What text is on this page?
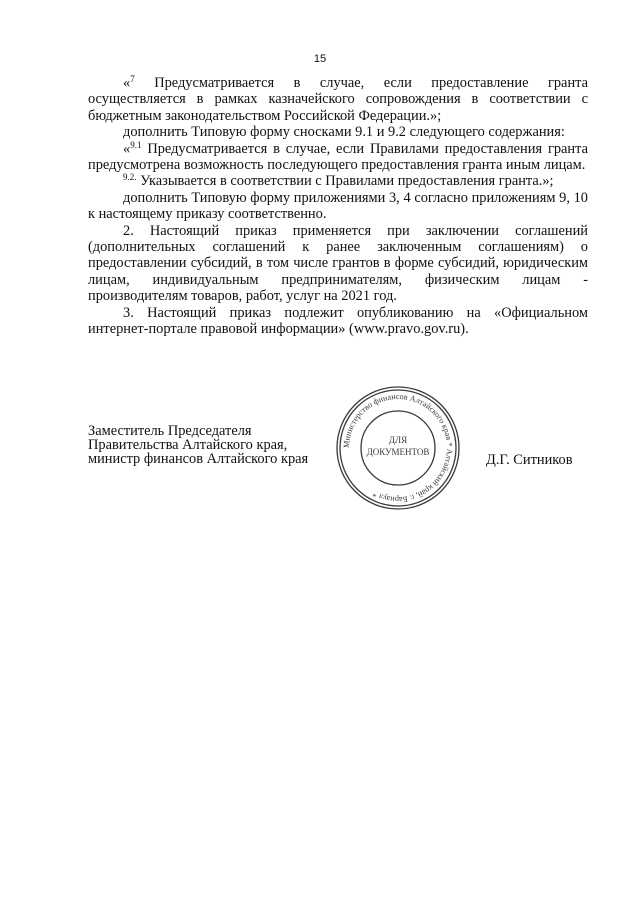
15

«$^7$ Предусматривается в случае, если предоставление гранта осуществляется в рамках казначейского сопровождения в соответствии с бюджетным законодательством Российской Федерации.»;

дополнить Типовую форму сносками 9.1 и 9.2 следующего содержания:

«$^{9.1}$ Предусматривается в случае, если Правилами предоставления гранта предусмотрена возможность последующего предоставления гранта иным лицам.

$^{9.2.}$ Указывается в соответствии с Правилами предоставления гранта.»;

дополнить Типовую форму приложениями 3, 4 согласно приложениям 9, 10 к настоящему приказу соответственно.

2. Настоящий приказ применяется при заключении соглашений (дополнительных соглашений к ранее заключенным соглашениям) о предоставлении субсидий, в том числе грантов в форме субсидий, юридическим лицам, индивидуальным предпринимателям, физическим лицам - производителям товаров, работ, услуг на 2021 год.

3. Настоящий приказ подлежит опубликованию на «Официальном интернет-портале правовой информации» (www.pravo.gov.ru).

Заместитель Председателя
Правительства Алтайского края,
министр финансов Алтайского края	Д.Г. Ситников
Министерство финансов Алтайского края * Алтайский край, г. Барнаул *
ДЛЯ
ДОКУМЕНТОВ
